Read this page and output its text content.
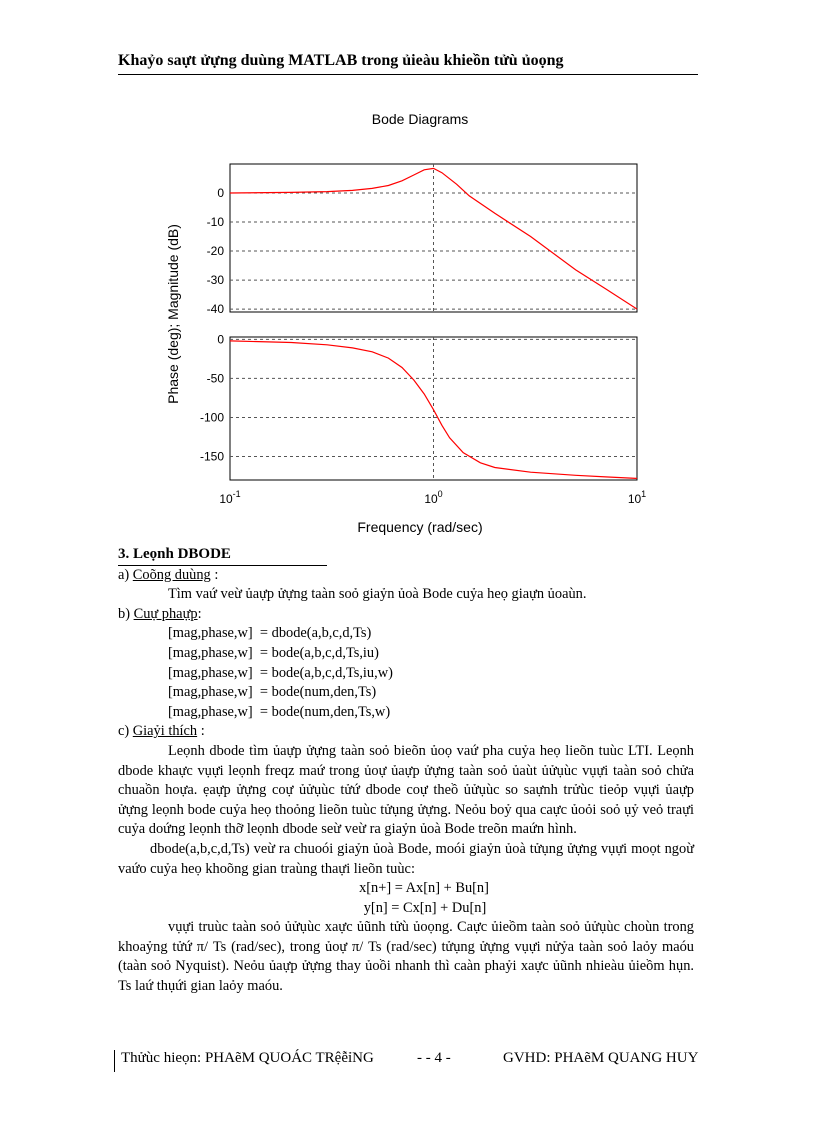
Khaỷo saựt ửựng duùng MATLAB trong ủieàu khieồn tửù ủoọng
Bode Diagrams
0
-10
-20
-30
-40
0
-50
-100
-150
$10^{-1}$	$10^0$	$10^1$
Frequency (rad/sec)
Phase (deg); Magnitude (dB)
3. Leọnh DBODE
a) Coõng duùng :
Tìm vaứ veừ ủaựp ửựng taàn soỏ giaỷn ủoà Bode cuỷa heọ giaựn ủoaùn.
b) Cuự phaựp:
[mag,phase,w]  = dbode(a,b,c,d,Ts)
[mag,phase,w]  = bode(a,b,c,d,Ts,iu)
[mag,phase,w]  = bode(a,b,c,d,Ts,iu,w)
[mag,phase,w]  = bode(num,den,Ts)
[mag,phase,w]  = bode(num,den,Ts,w)
c) Giaỷi thích :
Leọnh dbode tìm ủaựp ửựng taàn soỏ bieõn ủoọ vaứ pha cuỷa heọ lieõn tuùc LTI. Leọnh dbode khaực vụựi leọnh freqz maứ trong ủoự ủaựp ửựng taàn soỏ ủaùt ủửụùc vụựi taàn soỏ chửa chuaồn hoựa. ẹaựp ửựng coự ủửụùc tửứ dbode coự theồ ủửụùc so saựnh trửùc tieỏp vụựi ủaựp ửựng leọnh bode cuỷa heọ thoỏng lieõn tuùc tửụng ửựng. Neỏu boỷ qua caực ủoỏi soỏ ụỷ veỏ traựi cuỷa doứng leọnh thỡ leọnh dbode seừ veừ ra giaỷn ủoà Bode treõn maứn hình.
dbode(a,b,c,d,Ts) veừ ra chuoói giaỷn ủoà Bode, moói giaỷn ủoà tửụng ửựng vụựi moọt ngoừ vaứo cuỷa heọ khoõng gian traùng thaựi lieõn tuùc:
x[n+] = Ax[n] + Bu[n]
y[n] = Cx[n] + Du[n]
vụựi truùc taàn soỏ ủửụùc xaực ủũnh tửù ủoọng. Caực ủieồm taàn soỏ ủửụùc choùn trong khoaỷng tửứ π/ Ts (rad/sec), trong ủoự π/ Ts (rad/sec) tửụng ửựng vụựi nửỷa taàn soỏ laỏy maóu (taàn soỏ Nyquist). Neỏu ủaựp ửựng thay ủoồi nhanh thì caàn phaỷi xaực ủũnh nhieàu ủieồm hụn. Ts laứ thụứi gian laỏy maóu.
Thửùc hieọn: PHAẽM QUOÁC TRệễỉNG	- - 4 -	GVHD: PHAẽM QUANG HUY
